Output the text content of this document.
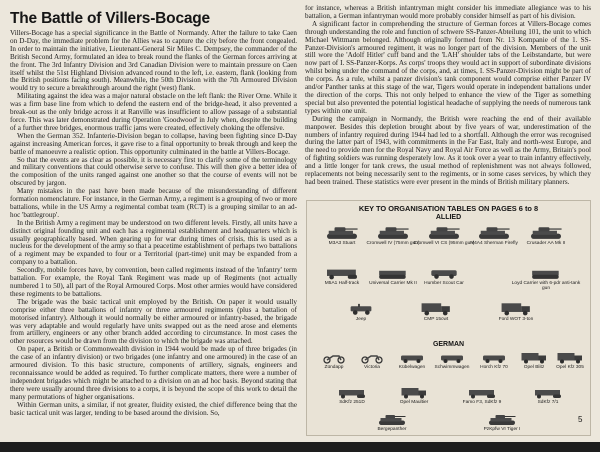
The Battle of Villers-Bocage

Villers-Bocage has a special significance in the Battle of Normandy. After the failure to take Caen on D-Day, the immediate problem for the Allies was to capture the city before the front congealed. In order to maintain the initiative, Lieutenant-General Sir Miles C. Dempsey, the commander of the British Second Army, formulated an idea to break round the flanks of the German forces arriving at the front. The 3rd Infantry Division and 3rd Canadian Division were to maintain pressure on Caen itself whilst the 51st Highland Division advanced round to the left, i.e. eastern, flank (looking from the British positions facing south). Meanwhile, the 50th Division with the 7th Armoured Division would try to secure a breakthrough around the right (west) flank.

Militating against the idea was a major natural obstacle on the left flank: the River Orne. While it was a firm base line from which to defend the eastern end of the bridge-head, it also prevented a break-out as the only bridge across it at Ranville was insufficient to allow passage of a substantial force. This was later demonstrated during Operation 'Goodwood' in July when, despite the building of a further three bridges, enormous traffic jams were created, effectively choking the offensive.

When the German 352. Infanterie-Division began to collapse, having been fighting since D-Day against increasing American forces, it gave rise to a final opportunity to break through and keep the battle of manoeuvre a realistic option. This opportunity culminated in the battle at Villers-Bocage.

So that the events are as clear as possible, it is necessary first to clarify some of the terminology and military conventions that could otherwise serve to confuse. This will then give a better idea of the composition of the units ranged against one another so that the course of events will not be obscured by jargon.

Many mistakes in the past have been made because of the misunderstanding of different formation nomenclature. For instance, in the German Army, a regiment is a grouping of two or more battalions, while in the US Army a regimental combat team (RCT) is a grouping similar to an ad-hoc 'battlegroup'.

In the British Army a regiment may be understood on two different levels. Firstly, all units have a distinct original founding unit and each has a regimental establishment and headquarters which is usually geographically based. When gearing up for war during times of crisis, this is used as a nucleus for the development of the army so that a peacetime establishment of perhaps two battalions of a regiment may be expanded to four or a Territorial (part-time) unit may be expanded from a company to a battalion.

Secondly, mobile forces have, by convention, been called regiments instead of the 'infantry' term battalion. For example, the Royal Tank Regiment was made up of Regiments (not actually numbered 1 to 50), all part of the Royal Armoured Corps. Most other armies would have considered these regiments to be battalions.

The brigade was the basic tactical unit employed by the British. On paper it would usually comprise either three battalions of infantry or three armoured regiments (plus a battalion of motorised infantry). Although it would normally be either armoured or infantry-based, the brigade was very adaptable and would regularly have units swapped out as the need arose and elements from artillery, engineers or any other branch added according to circumstance. In most cases the other resources would be drawn from the division to which the brigade was attached.

On paper, a British or Commonwealth division in 1944 would be made up of three brigades (in the case of an infantry division) or two brigades (one infantry and one armoured) in the case of an armoured division. To this basic structure, components of artillery, signals, engineers and reconnaissance would be added as required. To further complicate matters, there were a number of independent brigades which might be attached to a division on an ad hoc basis. Beyond stating that there were usually around three divisions to a corps, it is beyond the scope of this work to detail the many permutations of higher organisations.

Within German units, a similar, if not greater, fluidity existed, the chief difference being that the basic tactical unit was larger, tending to be based around the division. So,

for instance, whereas a British infantryman might consider his immediate allegiance was to his battalion, a German infantryman would more probably consider himself as part of his division.

A significant factor in comprehending the structure of German forces at Villers-Bocage comes through understanding the role and function of schwere SS-Panzer-Abteilung 101, the unit to which Michael Wittmann belonged. Although originally formed from Nr. 13 Kompanie of the 1. SS-Panzer-Division's armoured regiment, it was no longer part of the division. Members of the unit still wore the 'Adolf Hitler' cuff band and the 'LAH' shoulder tabs of the Leibstandarte, but were now part of I. SS-Panzer-Korps. As corps' troops they would act in support of subordinate divisions whilst being under the command of the corps, and, at times, I. SS-Panzer-Division might be part of the corps. As a rule, whilst a panzer division's tank component would comprise either Panzer IV and/or Panther tanks at this stage of the war, Tigers would operate in independent battalions under the direction of the corps. This not only helped to enhance the view of the Tiger as something special but also prevented the potential logistical headache of supplying the needs of numerous tank types within one unit.

During the campaign in Normandy, the British were reaching the end of their available manpower. Besides this depletion brought about by five years of war, underestimation of the numbers of infantry required during 1944 had led to a shortfall. Although the error was recognised during the latter part of 1943, with commitments in the Far East, Italy and north-west Europe, and the need to provide men for the Royal Navy and Royal Air Force as well as the Army, Britain's pool of fighting soldiers was running desperately low. As it took over a year to train infantry effectively, and a little longer for tank crews, the usual method of replenishment was not always followed, replacements not being necessarily sent to the regiments, or in some cases services, by which they had been trained. These statistics were ever present in the minds of British military planners.

KEY TO ORGANISATION TABLES ON PAGES 6 to 8
ALLIED
GERMAN
M3A3 Stuart	Cromwell IV (75mm gun)
Cromwell VI CS (95mm gun)
M4A4 Sherman Firefly	Crusader AA Mk II
M5A1 Half-track	Universal Carrier Mk II	Humber Scout Car	Loyd Carrier with 6-pdr anti-tank gun
Jeep	CMP 15cwt	Ford WOT 3-ton
Zündapp	Victoria	Kübelwagen	Schwimmwagen	Horch Kfz 70	Opel Blitz	Opel Kfz 305
SdKfz 251D	Opel Maultier	Famo F3, SdKfz 9	SdKfz 7/1
Bergepanther	PzKpfw VI Tiger I
5
